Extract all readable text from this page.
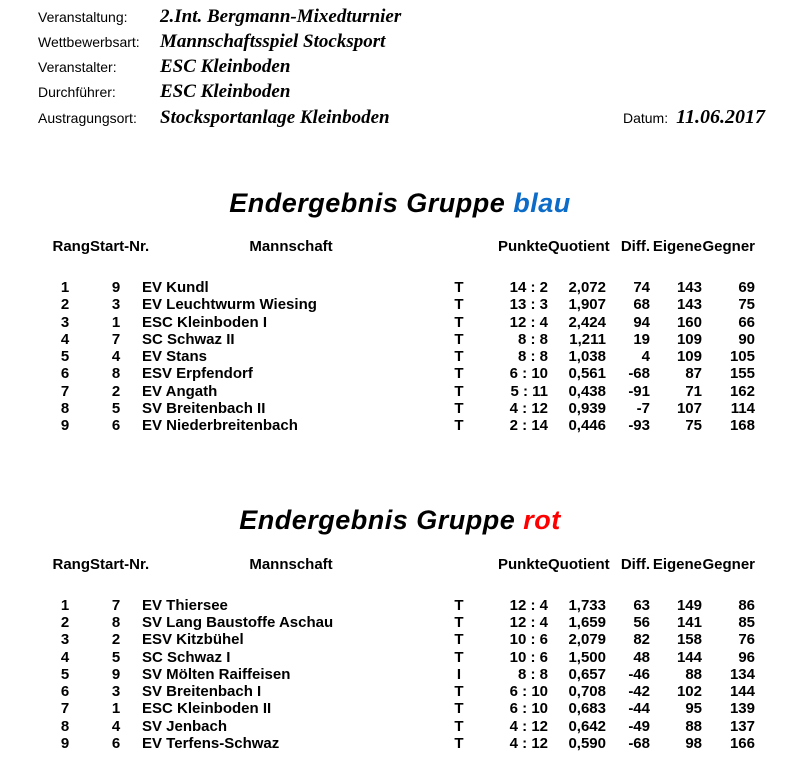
Veranstaltung:	2.Int. Bergmann-Mixedturnier
Wettbewerbsart:	Mannschaftsspiel Stocksport
Veranstalter:	ESC Kleinboden
Durchführer:	ESC Kleinboden
Austragungsort:	Stocksportanlage Kleinboden	Datum: 11.06.2017
Endergebnis Gruppe blau
Rang	Start-Nr.	Mannschaft		Punkte	Quotient	Diff.	Eigene	Gegner
1	9	EV Kundl	T	14 : 2	2,072	74	143	69
2	3	EV Leuchtwurm Wiesing	T	13 : 3	1,907	68	143	75
3	1	ESC Kleinboden I	T	12 : 4	2,424	94	160	66
4	7	SC Schwaz II	T	8 : 8	1,211	19	109	90
5	4	EV Stans	T	8 : 8	1,038	4	109	105
6	8	ESV Erpfendorf	T	6 : 10	0,561	-68	87	155
7	2	EV Angath	T	5 : 11	0,438	-91	71	162
8	5	SV Breitenbach II	T	4 : 12	0,939	-7	107	114
9	6	EV Niederbreitenbach	T	2 : 14	0,446	-93	75	168
Endergebnis Gruppe rot
Rang	Start-Nr.	Mannschaft		Punkte	Quotient	Diff.	Eigene	Gegner
1	7	EV Thiersee	T	12 : 4	1,733	63	149	86
2	8	SV Lang Baustoffe Aschau	T	12 : 4	1,659	56	141	85
3	2	ESV Kitzbühel	T	10 : 6	2,079	82	158	76
4	5	SC Schwaz I	T	10 : 6	1,500	48	144	96
5	9	SV Mölten Raiffeisen	I	8 : 8	0,657	-46	88	134
6	3	SV Breitenbach I	T	6 : 10	0,708	-42	102	144
7	1	ESC Kleinboden II	T	6 : 10	0,683	-44	95	139
8	4	SV Jenbach	T	4 : 12	0,642	-49	88	137
9	6	EV Terfens-Schwaz	T	4 : 12	0,590	-68	98	166
